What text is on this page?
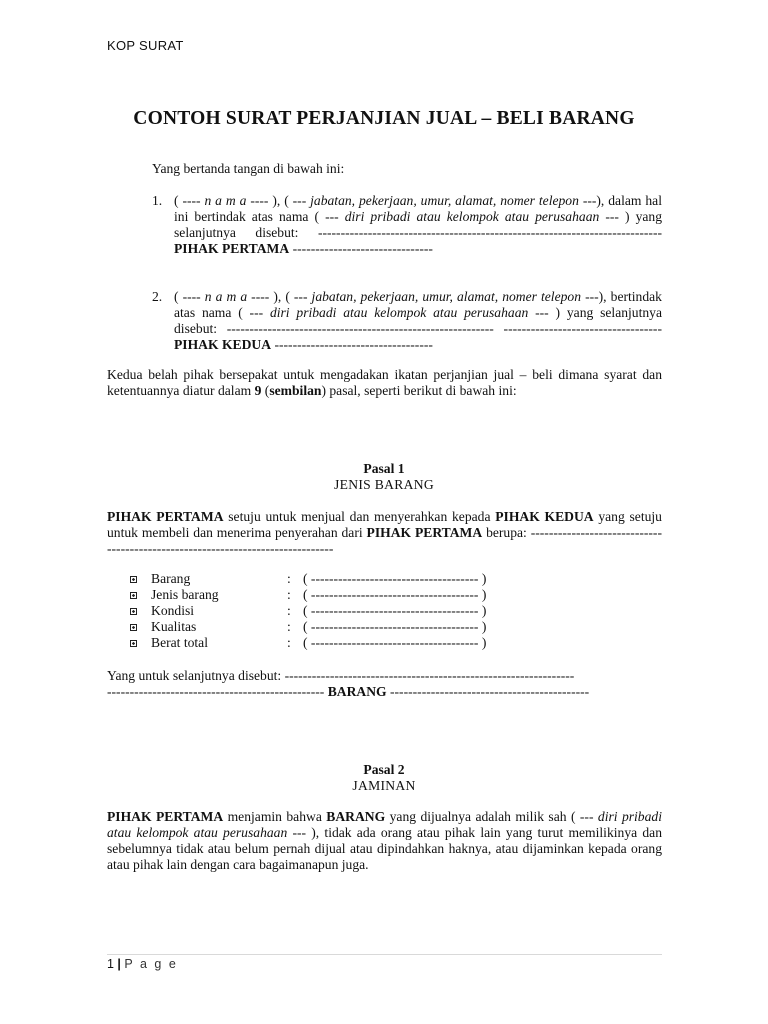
KOP SURAT
CONTOH SURAT PERJANJIAN JUAL – BELI BARANG
Yang bertanda tangan di bawah ini:
1. ( ---- n a m a ---- ), ( --- jabatan, pekerjaan, umur, alamat, nomer telepon ---), dalam hal ini bertindak atas nama ( --- diri pribadi atau kelompok atau perusahaan --- ) yang selanjutnya disebut: ---------------------------------------------------------------------------- PIHAK PERTAMA -------------------------------
2. ( ---- n a m a ---- ), ( --- jabatan, pekerjaan, umur, alamat, nomer telepon ---), bertindak atas nama ( --- diri pribadi atau kelompok atau perusahaan --- ) yang selanjutnya disebut: ----------------------------------------------------------- ----------------------------------- PIHAK KEDUA -----------------------------------
Kedua belah pihak bersepakat untuk mengadakan ikatan perjanjian jual – beli dimana syarat dan ketentuannya diatur dalam 9 (sembilan) pasal, seperti berikut di bawah ini:
Pasal 1
JENIS BARANG
PIHAK PERTAMA setuju untuk menjual dan menyerahkan kepada PIHAK KEDUA yang setuju untuk membeli dan menerima penyerahan dari PIHAK PERTAMA berupa: -------------------------------------------------------------------------------
Barang	: ( ------------------------------------- )
Jenis barang	: ( ------------------------------------- )
Kondisi	: ( ------------------------------------- )
Kualitas	: ( ------------------------------------- )
Berat total	: ( ------------------------------------- )
Yang untuk selanjutnya disebut: ----------------------------------------------------------------
------------------------------------------------ BARANG --------------------------------------------
Pasal 2
JAMINAN
PIHAK PERTAMA menjamin bahwa BARANG yang dijualnya adalah milik sah ( --- diri pribadi atau kelompok atau perusahaan --- ), tidak ada orang atau pihak lain yang turut memilikinya dan sebelumnya tidak atau belum pernah dijual atau dipindahkan haknya, atau dijaminkan kepada orang atau pihak lain dengan cara bagaimanapun juga.
1 | P a g e
